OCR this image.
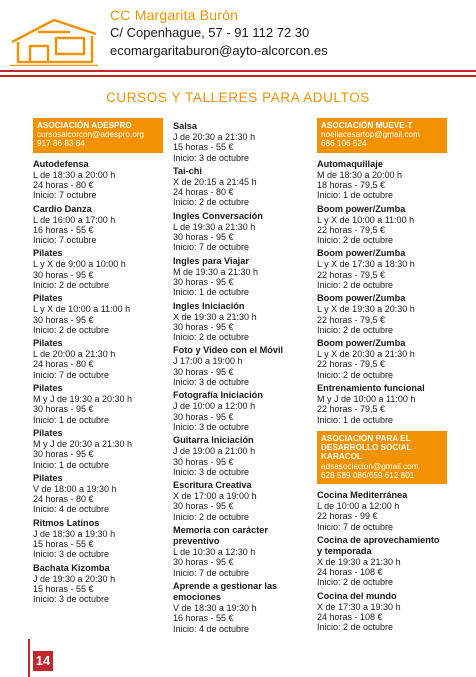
CC Margarita Burón
C/ Copenhague, 57 - 91 112 72 30
ecomargaritaburon@ayto-alcorcon.es
CURSOS Y TALLERES PARA ADULTOS
ASOCIACIÓN ADESPRO
cursosalcorcon@adespro.org
917 86 83 84
Autodefensa
L de 18:30 a 20:00 h
24 horas - 80 €
Inicio: 7 octubre
Cardio Danza
L de 16:00 a 17:00 h
16 horas - 55 €
Inicio: 7 octubre
Pilates
L y X de 9:00 a 10:00 h
30 horas - 95 €
Inicio: 2 de octubre
Pilates
L y X de 10:00 a 11:00 h
30 horas - 95 €
Inicio: 2 de octubre
Pilates
L de 20:00 a 21:30 h
24 horas - 80 €
Inicio: 7 de octubre
Pilates
M y J de 19:30 a 20:30 h
30 horas - 95 €
Inicio: 1 de octubre
Pilates
M y J de 20:30 a 21:30 h
30 horas - 95 €
Inicio: 1 de octubre
Pilates
V de 18:00 a 19:30 h
24 horas - 80 €
Inicio: 4 de octubre
Ritmos Latinos
J de 18:30 a 19:30 h
15 horas - 55 €
Inicio: 3 de octubre
Bachata Kizomba
J de 19:30 a 20:30 h
15 horas - 55 €
Inicio: 3 de octubre
Salsa
J de 20:30 a 21:30 h
15 horas - 55 €
Inicio: 3 de octubre
Tai-chi
X de 20:15 a 21:45 h
24 horas - 80 €
Inicio: 2 de octubre
Ingles Conversación
L de 19:30 a 21:30 h
30 horas - 95 €
Inicio: 7 de octubre
Ingles para Viajar
M de 19:30 a 21:30 h
30 horas - 95 €
Inicio: 1 de octubre
Ingles Iniciación
X de 19:30 a 21:30 h
30 horas - 95 €
Inicio: 2 de octubre
Foto y Video con el Móvil
J 17:00 a 19:00 h
30 horas - 95 €
Inicio: 3 de octubre
Fotografía Iniciación
J de 10:00 a 12:00 h
30 horas - 95 €
Inicio: 3 de octubre
Guitarra Iniciación
J de 19:00 a 21:00 h
30 horas - 95 €
Inicio: 3 de octubre
Escritura Creativa
X de 17:00 a 19:00 h
30 horas - 95 €
Inicio: 2 de octubre
Memoria con carácter preventivo
L de 10:30 a 12:30 h
30 horas - 95 €
Inicio: 7 de octubre
Aprende a gestionar las emociones
V de 18:30 a 19:30 h
16 horas - 55 €
Inicio: 4 de octubre
ASOCIACIÓN MUEVE-T
noeliacesartop@gmail.com
686 106 524
Automaquillaje
M de 18:30 a 20:00 h
18 horas - 79,5 €
Inicio: 1 de octubre
Boom power/Zumba
L y X de 10:00 a 11:00 h
22 horas - 79,5 €
Inicio: 2 de octubre
Boom power/Zumba
L y X de 17:30 a 18:30 h
22 horas - 79,5 €
Inicio: 2 de octubre
Boom power/Zumba
L y X de 19:30 a 20:30 h
22 horas - 79,5 €
Inicio: 2 de octubre
Boom power/Zumba
L y X de 20:30 a 21:30 h
22 horas - 79,5 €
Inicio: 2 de octubre
Entrenamiento funcional
M y J de 10:00 a 11:00 h
22 horas - 79,5 €
Inicio: 1 de octubre
ASOCIACIÓN PARA EL DESARROLLO SOCIAL KARACOL
adsasociacion@gmail.com
628 589 086/659 612 801
Cocina Mediterránea
L de 10:00 a 12:00 h
22 horas - 99 €
Inicio: 7 de octubre
Cocina de aprovechamiento y temporada
X de 19:30 a 21:30 h
24 horas - 108 €
Inicio: 2 de octubre
Cocina del mundo
X de 17:30 a 19:30 h
24 horas - 108 €
Inicio: 2 de octubre
14
